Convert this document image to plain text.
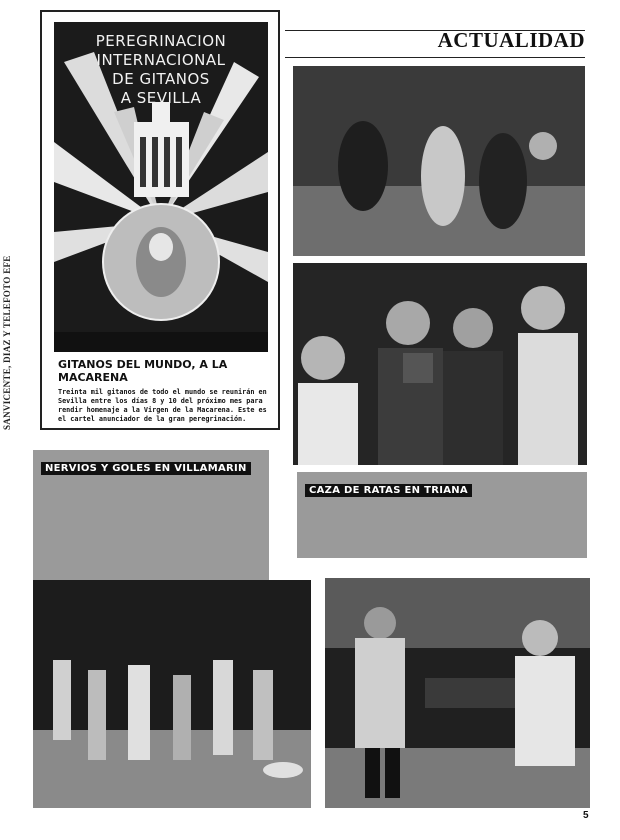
SANVICENTE, DIAZ Y TELEFOTO EFE
PEREGRINACION
INTERNACIONAL
DE GITANOS
A SEVILLA
GITANOS DEL MUNDO, A LA MACARENA
Treinta mil gitanos de todo el mundo se reunirán en Sevilla entre los días 8 y 10 del próximo mes para rendir homenaje a la Virgen de la Macarena. Este es el cartel anunciador de la gran peregrinación.
ACTUALIDAD
NERVIOS Y GOLES EN VILLAMARIN
CAZA DE RATAS EN TRIANA
5
